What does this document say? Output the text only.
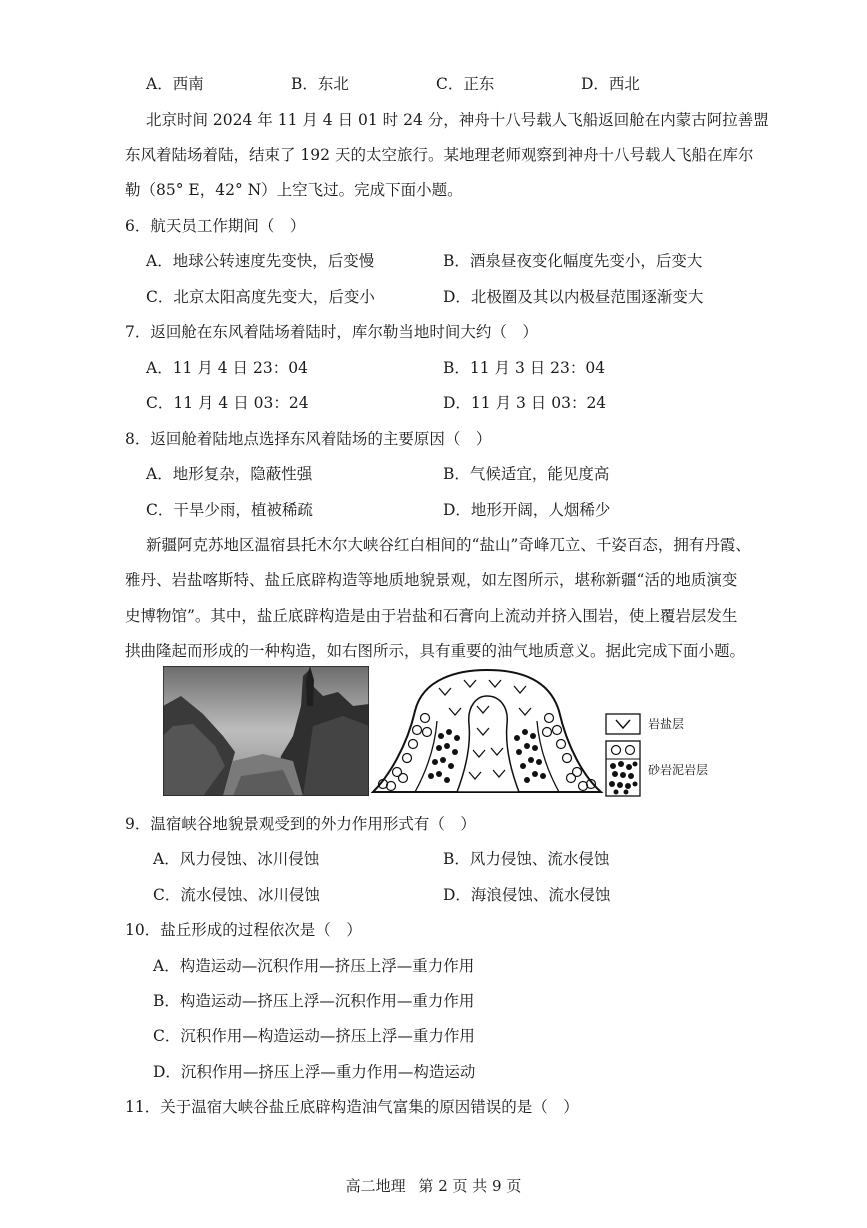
A．西南	B．东北	C．正东	D．西北
北京时间 2024 年 11 月 4 日 01 时 24 分，神舟十八号载人飞船返回舱在内蒙古阿拉善盟
东风着陆场着陆，结束了 192 天的太空旅行。某地理老师观察到神舟十八号载人飞船在库尔
勒（85° E，42° N）上空飞过。完成下面小题。
6．航天员工作期间（　）
A．地球公转速度先变快，后变慢	B．酒泉昼夜变化幅度先变小，后变大
C．北京太阳高度先变大，后变小	D．北极圈及其以内极昼范围逐渐变大
7．返回舱在东风着陆场着陆时，库尔勒当地时间大约（　）
A．11 月 4 日 23：04	B．11 月 3 日 23：04
C．11 月 4 日 03：24	D．11 月 3 日 03：24
8．返回舱着陆地点选择东风着陆场的主要原因（　）
A．地形复杂，隐蔽性强	B．气候适宜，能见度高
C．干旱少雨，植被稀疏	D．地形开阔，人烟稀少
新疆阿克苏地区温宿县托木尔大峡谷红白相间的“盐山”奇峰兀立、千姿百态，拥有丹霞、
雅丹、岩盐喀斯特、盐丘底辟构造等地质地貌景观，如左图所示，堪称新疆“活的地质演变
史博物馆”。其中，盐丘底辟构造是由于岩盐和石膏向上流动并挤入围岩，使上覆岩层发生
拱曲隆起而形成的一种构造，如右图所示，具有重要的油气地质意义。据此完成下面小题。
岩盐层
砂岩泥岩层
9．温宿峡谷地貌景观受到的外力作用形式有（　）
A．风力侵蚀、冰川侵蚀	B．风力侵蚀、流水侵蚀
C．流水侵蚀、冰川侵蚀	D．海浪侵蚀、流水侵蚀
10．盐丘形成的过程依次是（　）
A．构造运动—沉积作用—挤压上浮—重力作用
B．构造运动—挤压上浮—沉积作用—重力作用
C．沉积作用—构造运动—挤压上浮—重力作用
D．沉积作用—挤压上浮—重力作用—构造运动
11．关于温宿大峡谷盐丘底辟构造油气富集的原因错误的是（　）
高二地理 第 2 页 共 9 页
